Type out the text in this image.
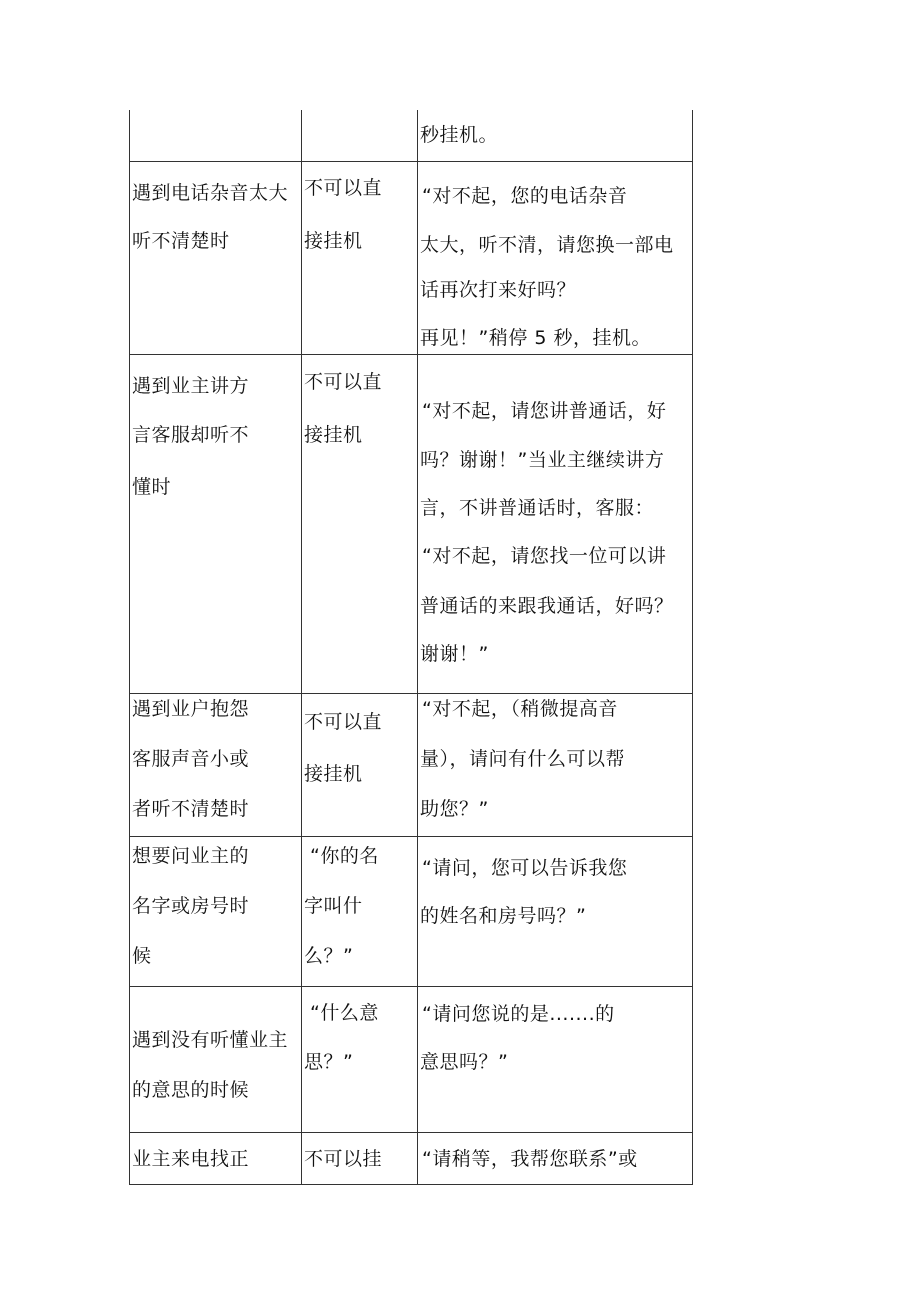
秒挂机。
遇到电话杂音太大
听不清楚时
不可以直
接挂机
“对不起，您的电话杂音
太大，听不清，请您换一部电
话再次打来好吗？
再见！”稍停 5 秒，挂机。
遇到业主讲方
言客服却听不
懂时
不可以直
接挂机
“对不起，请您讲普通话，好
吗？谢谢！”当业主继续讲方
言，不讲普通话时，客服：
“对不起，请您找一位可以讲
普通话的来跟我通话，好吗？
谢谢！”
遇到业户抱怨
客服声音小或
者听不清楚时
不可以直
接挂机
“对不起，（稍微提高音
量），请问有什么可以帮
助您？”
想要问业主的
名字或房号时
候
“你的名
字叫什
么？”
“请问，您可以告诉我您
的姓名和房号吗？”
遇到没有听懂业主
的意思的时候
“什么意
思？”
“请问您说的是.......的
意思吗？”
业主来电找正	不可以挂 “请稍等，我帮您联系”或
